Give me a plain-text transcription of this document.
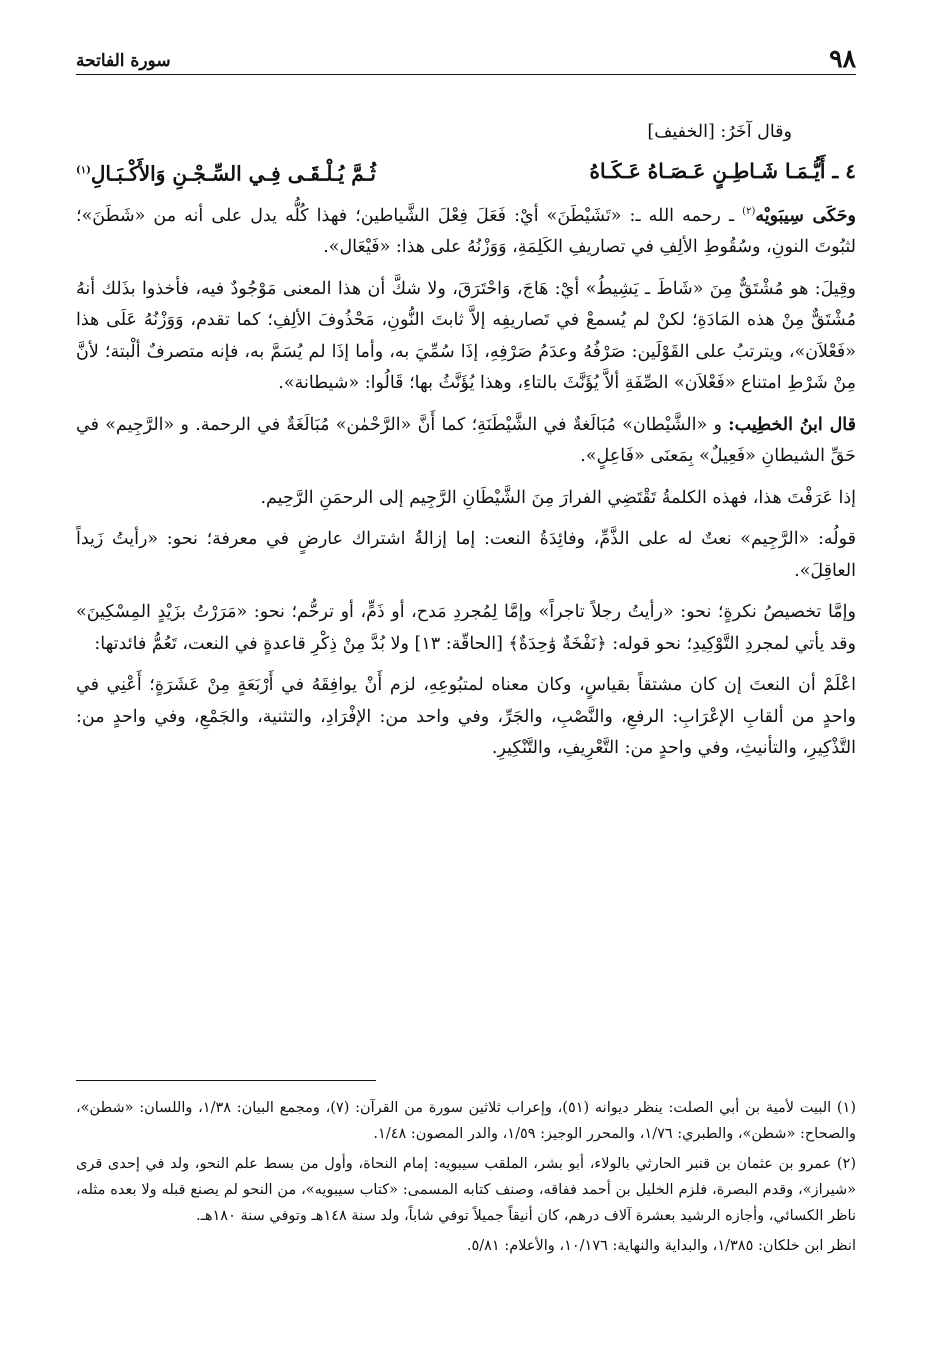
٩٨
سورة الفاتحة

وقال آخَرُ: [الخفيف]

٤ ـ أَيُّـمَـا شَـاطِـنٍ عَـصَـاهُ عَـكَـاهُ
ثُـمَّ يُـلْـقَـى فِـي السِّـجْـنِ وَالأَكْـبَـالِ$^{(١)}$

وحَكَى سِيبَويْه$^{(٢)}$ ـ رحمه الله ـ: «تَشَيْطَنَ» أيْ: فَعَلَ فِعْلَ الشَّياطين؛ فهذا كُلُّه يدل على أنه من «شَطَنَ»؛ لثبُوتَ النونِ، وسُقُوطِ الألِفِ في تصاريفِ الكَلِمَةِ، وَوَزْنُهُ على هذا: «فَيْعَال».

وقِيلَ: هو مُشْتَقٌّ مِنَ «شَاطَ ـ يَشِيطُ» أيْ: هَاجَ، وَاحْتَرَقَ، ولا شكَّ أن هذا المعنى مَوْجُودٌ فيه، فأخذوا بذَلك أنهُ مُشْتَقٌّ مِنْ هذه المَادَةِ؛ لكنْ لم يُسمعْ في تَصاريفِه إلاَّ ثابتَ النُّونِ، مَحْذُوفَ الألِفِ؛ كما تقدم، وَوَزْنُهُ عَلَى هذا «فَعْلاَن»، ويترتبُ على القَوْلَين: صَرْفُهُ وعدَمُ صَرْفِهِ، إذَا سُمِّيَ به، وأما إذَا لم يُسَمَّ به، فإنه متصرفٌ ألْبتة؛ لأنَّ مِنْ شَرْطِ امتناع «فَعْلاَن» الصِّفَةِ ألاَّ يُؤَنَّثَ بالتاءِ، وهذا يُؤَنَّثُ بها؛ قَالُوا: «شيطانة».

قال ابنُ الخطِيب: و «الشَّيْطان» مُبَالَغةٌ في الشَّيْطَنَةِ؛ كما أَنَّ «الرَّحْمٰن» مُبَالَغَةٌ في الرحمة. و «الرَّجِيم» في حَقِّ الشيطانِ «فَعِيلٌ» بِمَعنَى «فَاعِلٍ».

إذا عَرَفْتَ هذا، فهذه الكلمةُ تَقْتَضِي الفرارَ مِنَ الشَّيْطَانِ الرَّجِيم إلى الرحمَنِ الرَّحِيم.

قولُه: «الرَّجِيم» نعتٌ له على الذَّمِّ، وفائِدَةُ النعت: إما إزالةُ اشتراك عارضٍ في معرفة؛ نحو: «رأيتُ زَيداً العاقِلَ».

وإمَّا تخصيصُ نكرةٍ؛ نحو: «رأيتُ رجلاً تاجراً» وإمَّا لِمُجردِ مَدح، أو ذَمٍّ، أو ترحُّم؛ نحو: «مَرَرْتُ بزَيْدٍ المِسْكِينَ» وقد يأتي لمجردِ التَّوْكِيدِ؛ نحو قوله: ﴿نَفْخَةٌ وَٰحِدَةٌ﴾ [الحاقّة: ١٣] ولا بُدَّ مِنْ ذِكْرِ قاعدةٍ في النعت، تَعُمُّ فائدتها:

اعْلَمْ أن النعتَ إن كان مشتقاً بقياسٍ، وكان معناه لمتبُوعِهِ، لزم أَنْ يوافِقَهُ في أَرْبَعَةٍ مِنْ عَشَرَةٍ؛ أَعْنِي في واحدٍ من ألقابِ الإعْرَابِ: الرفعِ، والنَّصْبِ، والجَرِّ، وفي واحد من: الإفْرَادِ، والتثنية، والجَمْعِ، وفي واحدٍ من: التَّذْكِيرِ، والتأنيثِ، وفي واحدٍ من: التَّعْرِيفِ، والتَّنْكِيرِ.

(١) البيت لأمية بن أبي الصلت: ينظر ديوانه (٥١)، وإعراب ثلاثين سورة من القرآن: (٧)، ومجمع البيان: ١/٣٨، واللسان: «شطن»، والصحاح: «شطن»، والطبري: ١/٧٦، والمحرر الوجيز: ١/٥٩، والدر المصون: ١/٤٨.

(٢) عمرو بن عثمان بن قنبر الحارثي بالولاء، أبو بشر، الملقب سيبويه: إمام النحاة، وأول من بسط علم النحو، ولد في إحدى قرى «شيراز»، وقدم البصرة، فلزم الخليل بن أحمد ففاقه، وصنف كتابه المسمى: «كتاب سيبويه»، من النحو لم يصنع قبله ولا بعده مثله، ناظر الكسائي، وأجازه الرشيد بعشرة آلاف درهم، كان أنيقاً جميلاً توفي شاباً، ولد سنة ١٤٨هـ وتوفي سنة ١٨٠هـ.

انظر ابن خلكان: ١/٣٨٥، والبداية والنهاية: ١٠/١٧٦، والأعلام: ٥/٨١.
